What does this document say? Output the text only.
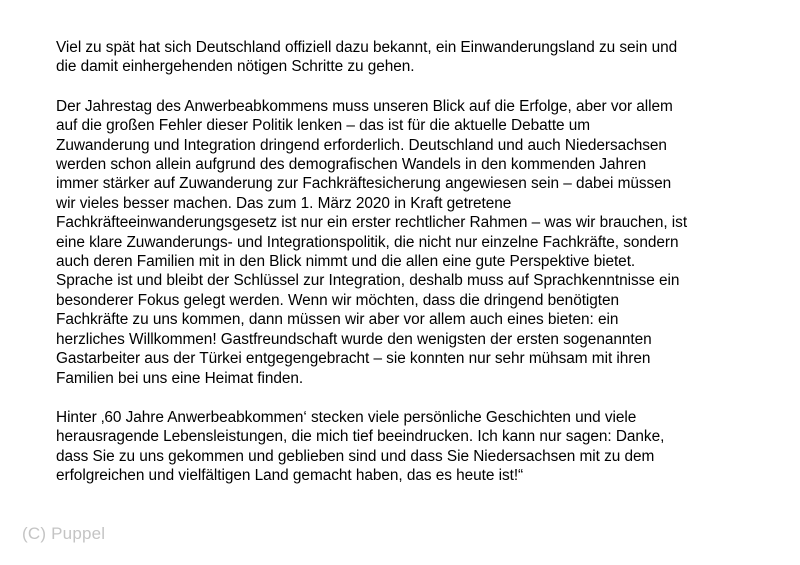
Viel zu spät hat sich Deutschland offiziell dazu bekannt, ein Einwanderungsland zu sein und
die damit einhergehenden nötigen Schritte zu gehen.

Der Jahrestag des Anwerbeabkommens muss unseren Blick auf die Erfolge, aber vor allem
auf die großen Fehler dieser Politik lenken – das ist für die aktuelle Debatte um
Zuwanderung und Integration dringend erforderlich. Deutschland und auch Niedersachsen
werden schon allein aufgrund des demografischen Wandels in den kommenden Jahren
immer stärker auf Zuwanderung zur Fachkräftesicherung angewiesen sein – dabei müssen
wir vieles besser machen. Das zum 1. März 2020 in Kraft getretene
Fachkräfteeinwanderungsgesetz ist nur ein erster rechtlicher Rahmen – was wir brauchen, ist
eine klare Zuwanderungs- und Integrationspolitik, die nicht nur einzelne Fachkräfte, sondern
auch deren Familien mit in den Blick nimmt und die allen eine gute Perspektive bietet.
Sprache ist und bleibt der Schlüssel zur Integration, deshalb muss auf Sprachkenntnisse ein
besonderer Fokus gelegt werden. Wenn wir möchten, dass die dringend benötigten
Fachkräfte zu uns kommen, dann müssen wir aber vor allem auch eines bieten: ein
herzliches Willkommen! Gastfreundschaft wurde den wenigsten der ersten sogenannten
Gastarbeiter aus der Türkei entgegengebracht – sie konnten nur sehr mühsam mit ihren
Familien bei uns eine Heimat finden.

Hinter ‚60 Jahre Anwerbeabkommen‘ stecken viele persönliche Geschichten und viele
herausragende Lebensleistungen, die mich tief beeindrucken. Ich kann nur sagen: Danke,
dass Sie zu uns gekommen und geblieben sind und dass Sie Niedersachsen mit zu dem
erfolgreichen und vielfältigen Land gemacht haben, das es heute ist!“

(C) Puppel
